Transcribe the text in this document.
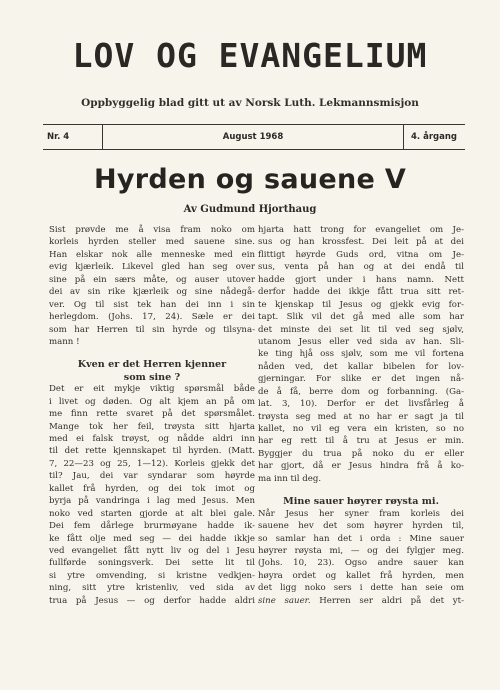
LOV OG EVANGELIUM
Oppbyggelig blad gitt ut av Norsk Luth. Lekmannsmisjon
Nr. 4	August 1968	4. årgang
Hyrden og sauene V
Av Gudmund Hjorthaug
Sist prøvde me å visa fram noko om
korleis hyrden steller med sauene sine.
Han elskar nok alle menneske med ein
evig kjærleik. Likevel gled han seg over
sine på ein særs måte, og auser utover
dei av sin rike kjærleik og sine nådegå-
ver. Og til sist tek han dei inn i sin
herlegdom. (Johs. 17, 24). Sæle er dei
som har Herren til sin hyrde og tilsyna-
mann !
Kven er det Herren kjenner
som sine ?
Det er eit mykje viktig spørsmål både
i livet og døden. Og alt kjem an på om
me finn rette svaret på det spørsmålet.
Mange tok her feil, trøysta sitt hjarta
med ei falsk trøyst, og nådde aldri inn
til det rette kjennskapet til hyrden. (Matt.
7, 22—23 og 25, 1—12). Korleis gjekk det
til? Jau, dei var syndarar som høyrde
kallet frå hyrden, og dei tok imot og
byrja på vandringa i lag med Jesus. Men
noko ved starten gjorde at alt blei gale.
Dei fem dårlege brurmøyane hadde ik-
ke fått olje med seg — dei hadde ikkje
ved evangeliet fått nytt liv og del i Jesu
fullførde soningsverk. Dei sette lit til
si ytre omvending, si kristne vedkjen-
ning, sitt ytre kristenliv, ved sida av
trua på Jesus — og derfor hadde aldri
hjarta hatt trong for evangeliet om Je-
sus og han krossfest. Dei leit på at dei
flittigt høyrde Guds ord, vitna om Je-
sus, venta på han og at dei endå til
hadde gjort under i hans namn. Nett
derfor hadde dei ikkje fått trua sitt ret-
te kjenskap til Jesus og gjekk evig for-
tapt. Slik vil det gå med alle som har
det minste dei set lit til ved seg sjølv,
utanom Jesus eller ved sida av han. Sli-
ke ting hjå oss sjølv, som me vil fortena
nåden ved, det kallar bibelen for lov-
gjerningar. For slike er det ingen nå-
de å få, berre dom og forbanning. (Ga-
lat. 3, 10). Derfor er det livsfårleg å
trøysta seg med at no har er sagt ja til
kallet, no vil eg vera ein kristen, so no
har eg rett til å tru at Jesus er min.
Byggjer du trua på noko du er eller
har gjort, då er Jesus hindra frå å ko-
ma inn til deg.
Mine sauer høyrer røysta mi.
Når Jesus her syner fram korleis dei
sauene hev det som høyrer hyrden til,
so samlar han det i orda : Mine sauer
høyrer røysta mi, — og dei fylgjer meg.
(Johs. 10, 23). Ogso andre sauer kan
høyra ordet og kallet frå hyrden, men
det ligg noko sers i dette han seie om
sine sauer. Herren ser aldri på det yt-
